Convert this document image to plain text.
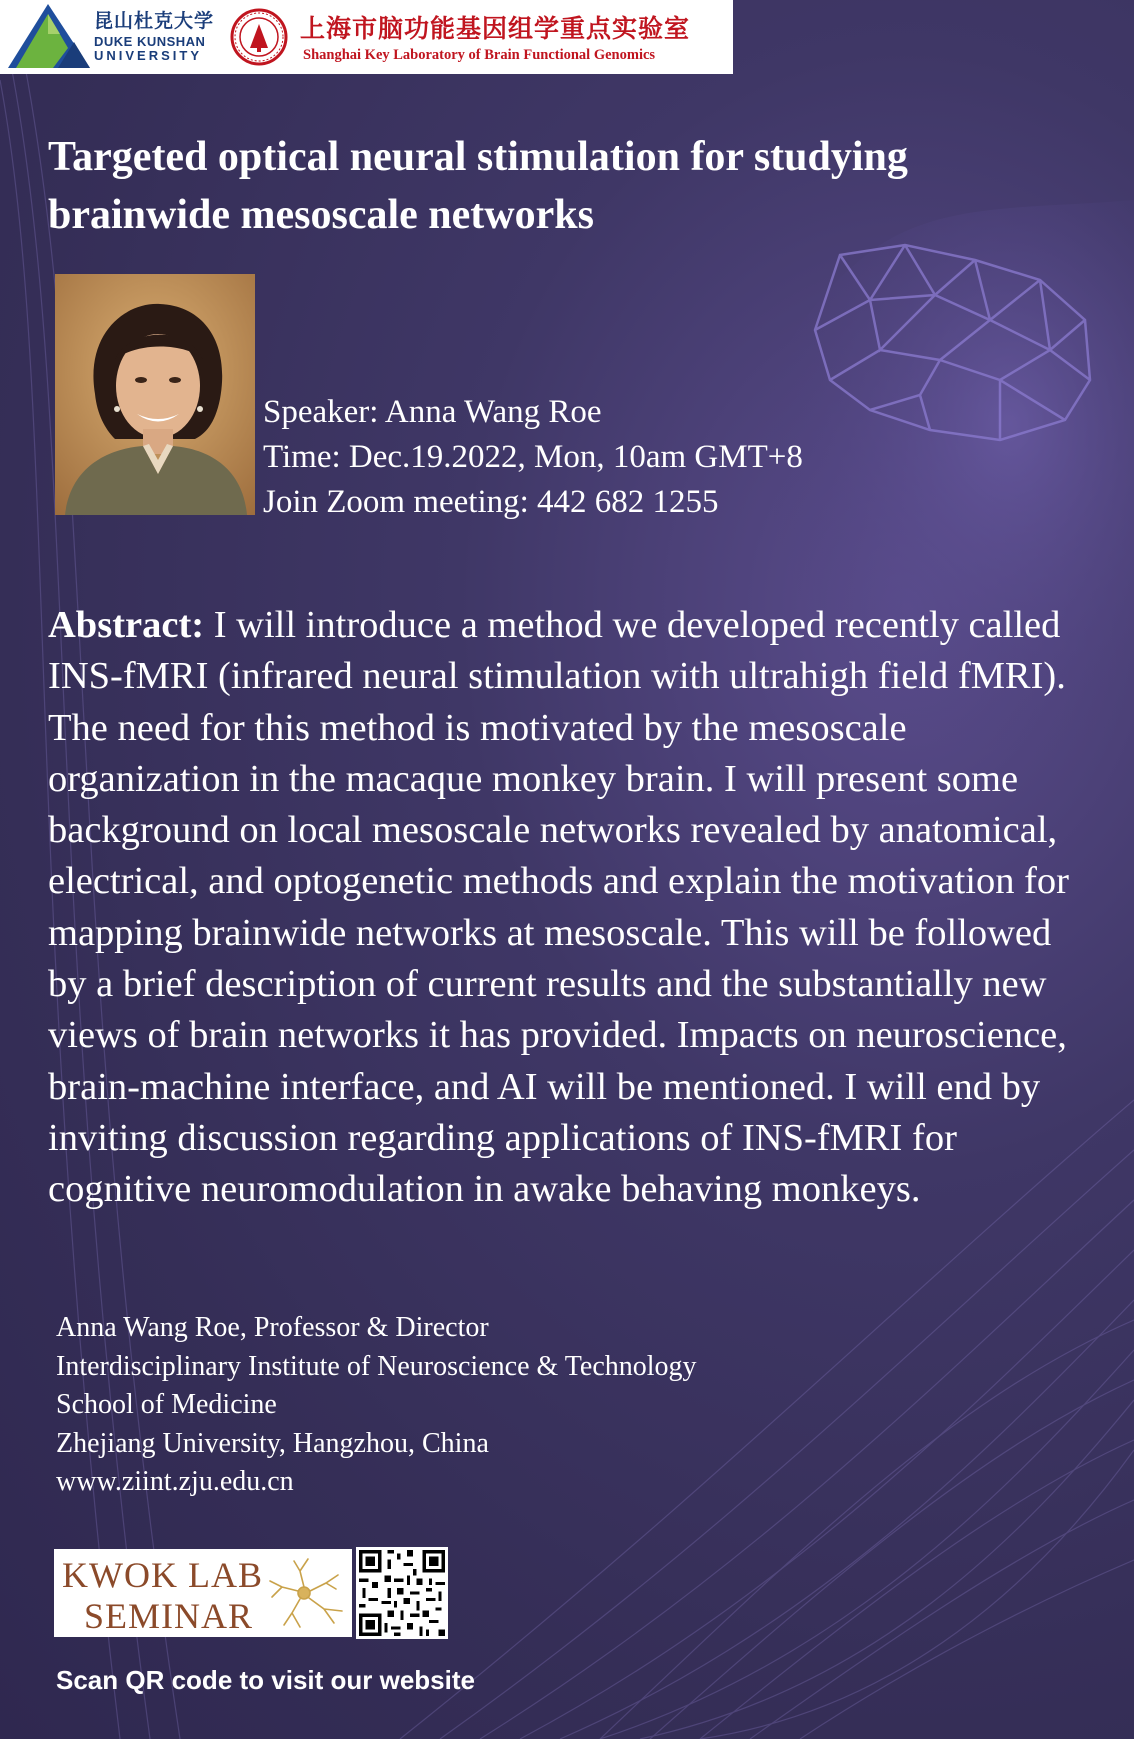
昆山杜克大学
DUKE KUNSHAN
UNIVERSITY
上海市脑功能基因组学重点实验室
Shanghai Key Laboratory of Brain Functional Genomics
Targeted optical neural stimulation for studying brainwide mesoscale networks
Speaker: Anna Wang Roe
Time: Dec.19.2022, Mon, 10am GMT+8
Join Zoom meeting: 442 682 1255

Abstract: I will introduce a method we developed recently called INS-fMRI (infrared neural stimulation with ultrahigh field fMRI). The need for this method is motivated by the mesoscale organization in the macaque monkey brain. I will present some background on local mesoscale networks revealed by anatomical, electrical, and optogenetic methods and explain the motivation for mapping brainwide networks at mesoscale. This will be followed by a brief description of current results and the substantially new views of brain networks it has provided. Impacts on neuroscience, brain-machine interface, and AI will be mentioned. I will end by inviting discussion regarding applications of INS-fMRI for cognitive neuromodulation in awake behaving monkeys.

Anna Wang Roe, Professor & Director
Interdisciplinary Institute of Neuroscience & Technology
School of Medicine
Zhejiang University, Hangzhou, China
www.ziint.zju.edu.cn
KWOK LAB
SEMINAR
Scan QR code to visit our website
